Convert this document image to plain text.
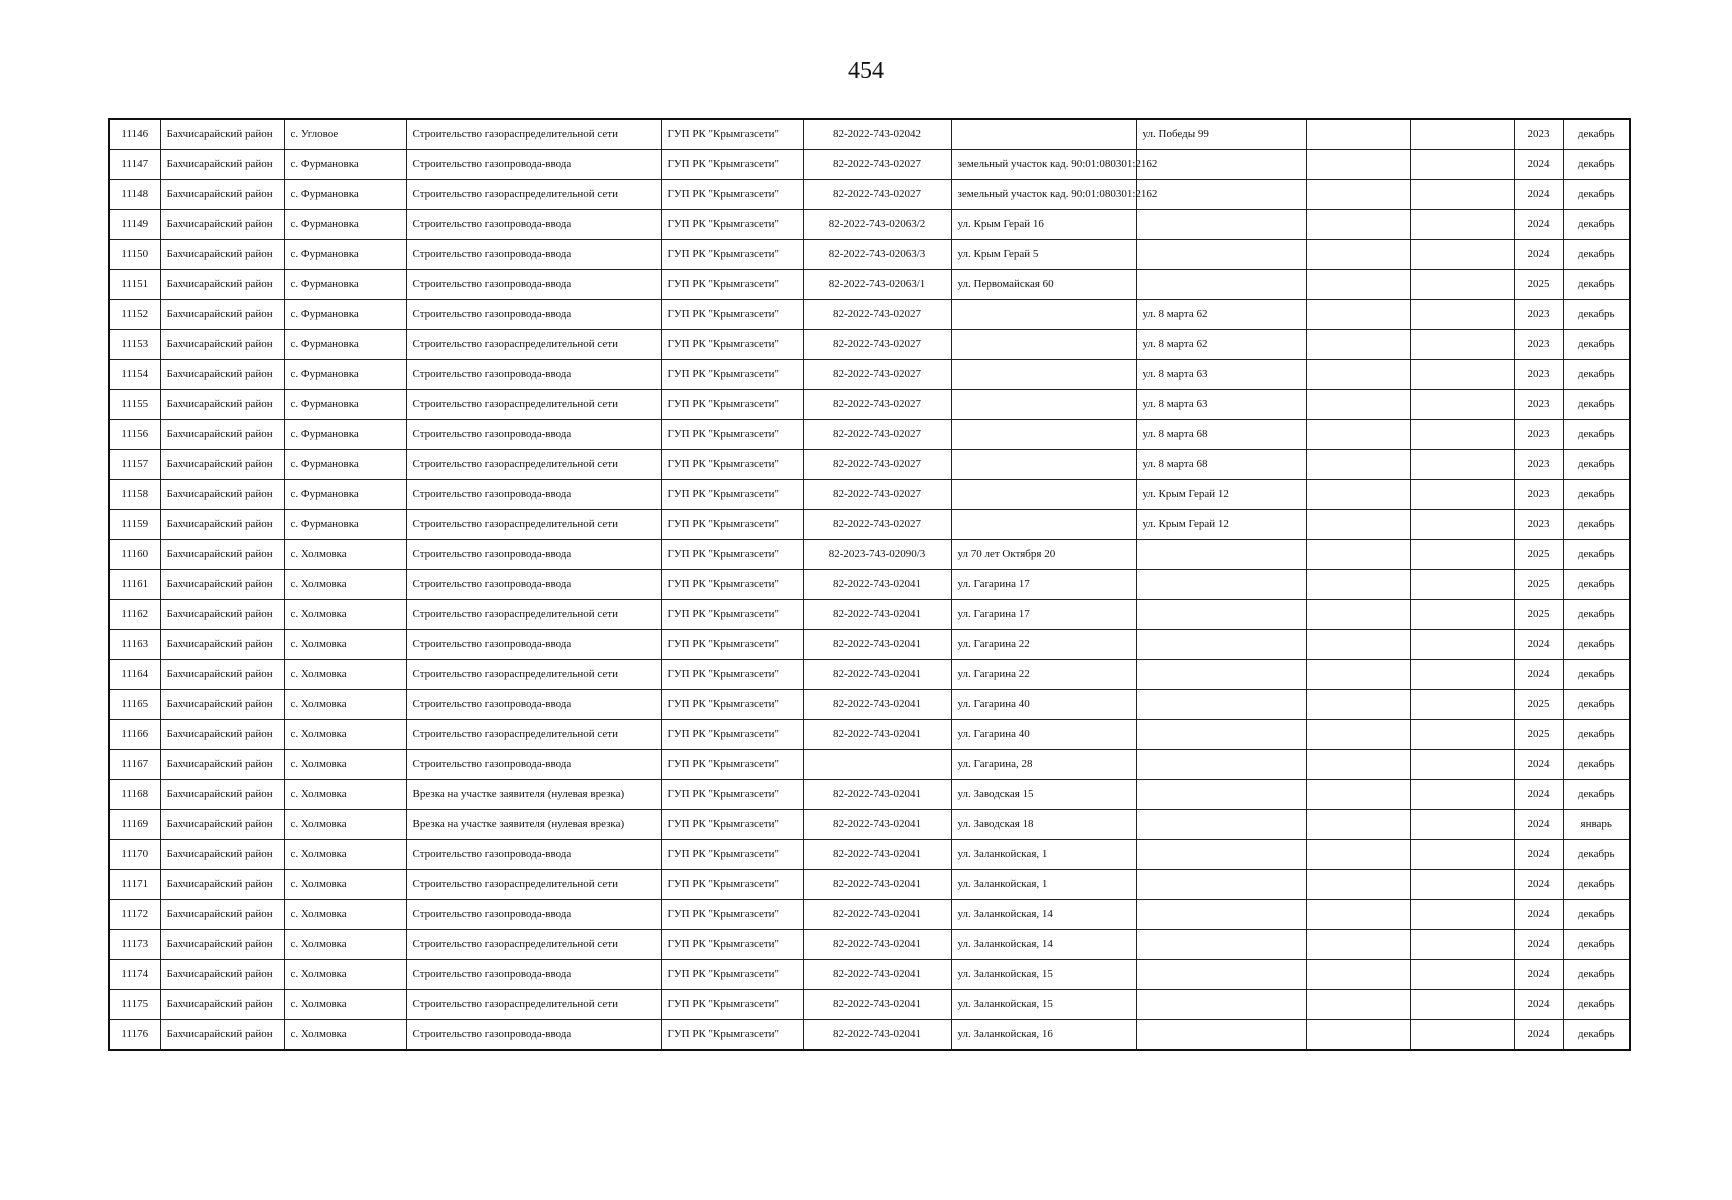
454
11146	Бахчисарайский район	с. Угловое	Строительство газораспределительной сети	ГУП РК "Крымгазсети"	82-2022-743-02042		ул. Победы 99			2023	декабрь
11147	Бахчисарайский район	с. Фурмановка	Строительство газопровода-ввода	ГУП РК "Крымгазсети"	82-2022-743-02027	земельный участок кад. 90:01:080301:2162				2024	декабрь
11148	Бахчисарайский район	с. Фурмановка	Строительство газораспределительной сети	ГУП РК "Крымгазсети"	82-2022-743-02027	земельный участок кад. 90:01:080301:2162				2024	декабрь
11149	Бахчисарайский район	с. Фурмановка	Строительство газопровода-ввода	ГУП РК "Крымгазсети"	82-2022-743-02063/2	ул. Крым Герай 16				2024	декабрь
11150	Бахчисарайский район	с. Фурмановка	Строительство газопровода-ввода	ГУП РК "Крымгазсети"	82-2022-743-02063/3	ул. Крым Герай 5				2024	декабрь
11151	Бахчисарайский район	с. Фурмановка	Строительство газопровода-ввода	ГУП РК "Крымгазсети"	82-2022-743-02063/1	ул. Первомайская 60				2025	декабрь
11152	Бахчисарайский район	с. Фурмановка	Строительство газопровода-ввода	ГУП РК "Крымгазсети"	82-2022-743-02027		ул. 8 марта 62			2023	декабрь
11153	Бахчисарайский район	с. Фурмановка	Строительство газораспределительной сети	ГУП РК "Крымгазсети"	82-2022-743-02027		ул. 8 марта 62			2023	декабрь
11154	Бахчисарайский район	с. Фурмановка	Строительство газопровода-ввода	ГУП РК "Крымгазсети"	82-2022-743-02027		ул. 8 марта 63			2023	декабрь
11155	Бахчисарайский район	с. Фурмановка	Строительство газораспределительной сети	ГУП РК "Крымгазсети"	82-2022-743-02027		ул. 8 марта 63			2023	декабрь
11156	Бахчисарайский район	с. Фурмановка	Строительство газопровода-ввода	ГУП РК "Крымгазсети"	82-2022-743-02027		ул. 8 марта 68			2023	декабрь
11157	Бахчисарайский район	с. Фурмановка	Строительство газораспределительной сети	ГУП РК "Крымгазсети"	82-2022-743-02027		ул. 8 марта 68			2023	декабрь
11158	Бахчисарайский район	с. Фурмановка	Строительство газопровода-ввода	ГУП РК "Крымгазсети"	82-2022-743-02027		ул. Крым Герай 12			2023	декабрь
11159	Бахчисарайский район	с. Фурмановка	Строительство газораспределительной сети	ГУП РК "Крымгазсети"	82-2022-743-02027		ул. Крым Герай 12			2023	декабрь
11160	Бахчисарайский район	с. Холмовка	Строительство газопровода-ввода	ГУП РК "Крымгазсети"	82-2023-743-02090/3	ул 70 лет Октября 20				2025	декабрь
11161	Бахчисарайский район	с. Холмовка	Строительство газопровода-ввода	ГУП РК "Крымгазсети"	82-2022-743-02041	ул. Гагарина 17				2025	декабрь
11162	Бахчисарайский район	с. Холмовка	Строительство газораспределительной сети	ГУП РК "Крымгазсети"	82-2022-743-02041	ул. Гагарина 17				2025	декабрь
11163	Бахчисарайский район	с. Холмовка	Строительство газопровода-ввода	ГУП РК "Крымгазсети"	82-2022-743-02041	ул. Гагарина 22				2024	декабрь
11164	Бахчисарайский район	с. Холмовка	Строительство газораспределительной сети	ГУП РК "Крымгазсети"	82-2022-743-02041	ул. Гагарина 22				2024	декабрь
11165	Бахчисарайский район	с. Холмовка	Строительство газопровода-ввода	ГУП РК "Крымгазсети"	82-2022-743-02041	ул. Гагарина 40				2025	декабрь
11166	Бахчисарайский район	с. Холмовка	Строительство газораспределительной сети	ГУП РК "Крымгазсети"	82-2022-743-02041	ул. Гагарина 40				2025	декабрь
11167	Бахчисарайский район	с. Холмовка	Строительство газопровода-ввода	ГУП РК "Крымгазсети"		ул. Гагарина, 28				2024	декабрь
11168	Бахчисарайский район	с. Холмовка	Врезка на участке заявителя (нулевая врезка)	ГУП РК "Крымгазсети"	82-2022-743-02041	ул. Заводская 15				2024	декабрь
11169	Бахчисарайский район	с. Холмовка	Врезка на участке заявителя (нулевая врезка)	ГУП РК "Крымгазсети"	82-2022-743-02041	ул. Заводская 18				2024	январь
11170	Бахчисарайский район	с. Холмовка	Строительство газопровода-ввода	ГУП РК "Крымгазсети"	82-2022-743-02041	ул. Заланкойская, 1				2024	декабрь
11171	Бахчисарайский район	с. Холмовка	Строительство газораспределительной сети	ГУП РК "Крымгазсети"	82-2022-743-02041	ул. Заланкойская, 1				2024	декабрь
11172	Бахчисарайский район	с. Холмовка	Строительство газопровода-ввода	ГУП РК "Крымгазсети"	82-2022-743-02041	ул. Заланкойская, 14				2024	декабрь
11173	Бахчисарайский район	с. Холмовка	Строительство газораспределительной сети	ГУП РК "Крымгазсети"	82-2022-743-02041	ул. Заланкойская, 14				2024	декабрь
11174	Бахчисарайский район	с. Холмовка	Строительство газопровода-ввода	ГУП РК "Крымгазсети"	82-2022-743-02041	ул. Заланкойская, 15				2024	декабрь
11175	Бахчисарайский район	с. Холмовка	Строительство газораспределительной сети	ГУП РК "Крымгазсети"	82-2022-743-02041	ул. Заланкойская, 15				2024	декабрь
11176	Бахчисарайский район	с. Холмовка	Строительство газопровода-ввода	ГУП РК "Крымгазсети"	82-2022-743-02041	ул. Заланкойская, 16				2024	декабрь
